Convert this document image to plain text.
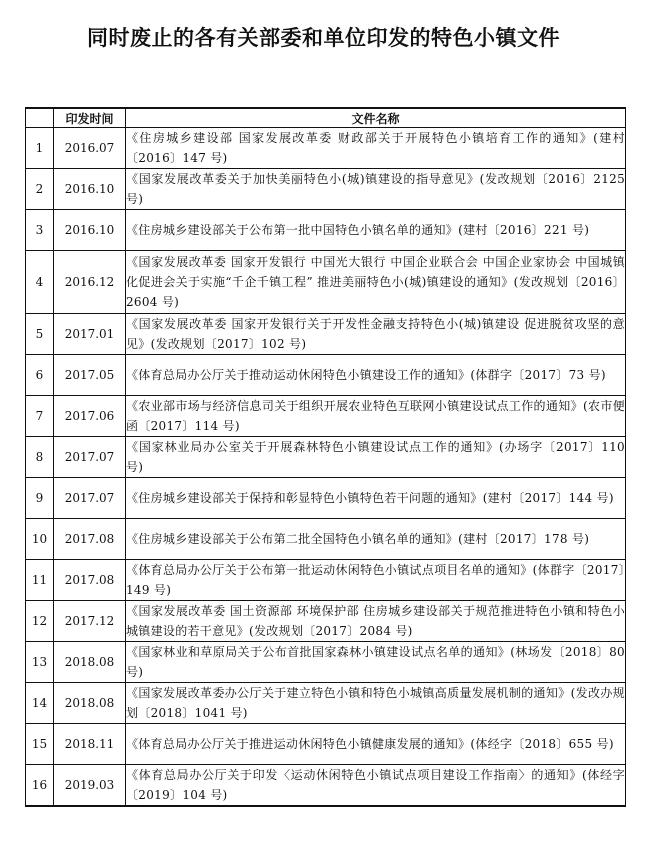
同时废止的各有关部委和单位印发的特色小镇文件
	印发时间	文件名称
1	2016.07	《住房城乡建设部 国家发展改革委 财政部关于开展特色小镇培育工作的通知》(建村〔2016〕147 号)
2	2016.10	《国家发展改革委关于加快美丽特色小(城)镇建设的指导意见》(发改规划〔2016〕2125 号)
3	2016.10	《住房城乡建设部关于公布第一批中国特色小镇名单的通知》(建村〔2016〕221 号)
4	2016.12	《国家发展改革委 国家开发银行 中国光大银行 中国企业联合会 中国企业家协会 中国城镇化促进会关于实施“千企千镇工程” 推进美丽特色小(城)镇建设的通知》(发改规划〔2016〕2604 号)
5	2017.01	《国家发展改革委 国家开发银行关于开发性金融支持特色小(城)镇建设 促进脱贫攻坚的意见》(发改规划〔2017〕102 号)
6	2017.05	《体育总局办公厅关于推动运动休闲特色小镇建设工作的通知》(体群字〔2017〕73 号)
7	2017.06	《农业部市场与经济信息司关于组织开展农业特色互联网小镇建设试点工作的通知》(农市便函〔2017〕114 号)
8	2017.07	《国家林业局办公室关于开展森林特色小镇建设试点工作的通知》(办场字〔2017〕110 号)
9	2017.07	《住房城乡建设部关于保持和彰显特色小镇特色若干问题的通知》(建村〔2017〕144 号)
10	2017.08	《住房城乡建设部关于公布第二批全国特色小镇名单的通知》(建村〔2017〕178 号)
11	2017.08	《体育总局办公厅关于公布第一批运动休闲特色小镇试点项目名单的通知》(体群字〔2017〕149 号)
12	2017.12	《国家发展改革委 国土资源部 环境保护部 住房城乡建设部关于规范推进特色小镇和特色小城镇建设的若干意见》(发改规划〔2017〕2084 号)
13	2018.08	《国家林业和草原局关于公布首批国家森林小镇建设试点名单的通知》(林场发〔2018〕80 号)
14	2018.08	《国家发展改革委办公厅关于建立特色小镇和特色小城镇高质量发展机制的通知》(发改办规划〔2018〕1041 号)
15	2018.11	《体育总局办公厅关于推进运动休闲特色小镇健康发展的通知》(体经字〔2018〕655 号)
16	2019.03	《体育总局办公厅关于印发〈运动休闲特色小镇试点项目建设工作指南〉的通知》(体经字〔2019〕104 号)
